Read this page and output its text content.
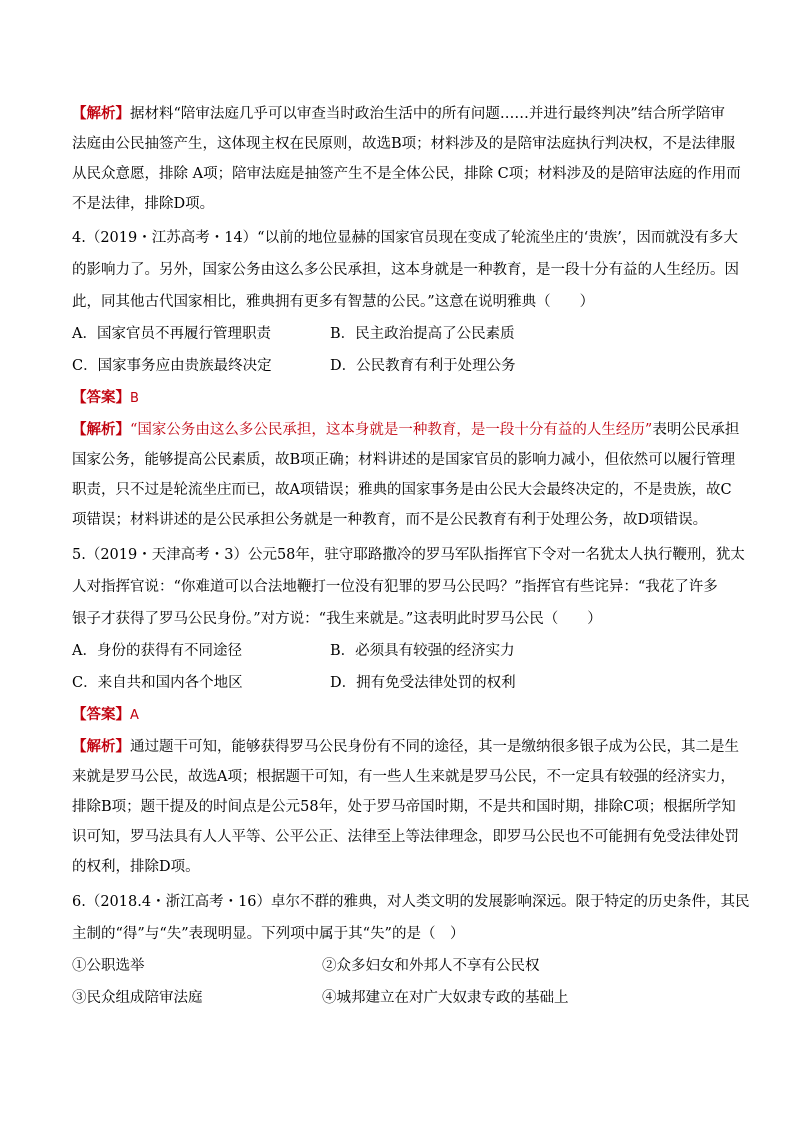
【解析】据材料“陪审法庭几乎可以审查当时政治生活中的所有问题……并进行最终判决”结合所学陪审
法庭由公民抽签产生，这体现主权在民原则，故选B项；材料涉及的是陪审法庭执行判决权，不是法律服
从民众意愿，排除 A项；陪审法庭是抽签产生不是全体公民，排除 C项；材料涉及的是陪审法庭的作用而
不是法律，排除D项。
4.（2019・江苏高考・14）“以前的地位显赫的国家官员现在变成了轮流坐庄的‘贵族’，因而就没有多大
的影响力了。另外，国家公务由这么多公民承担，这本身就是一种教育，是一段十分有益的人生经历。因
此，同其他古代国家相比，雅典拥有更多有智慧的公民。”这意在说明雅典（　　）
A．国家官员不再履行管理职责	B．民主政治提高了公民素质
C．国家事务应由贵族最终决定	D．公民教育有利于处理公务
【答案】B
【解析】“国家公务由这么多公民承担，这本身就是一种教育，是一段十分有益的人生经历”表明公民承担
国家公务，能够提高公民素质，故B项正确；材料讲述的是国家官员的影响力减小，但依然可以履行管理
职责，只不过是轮流坐庄而已，故A项错误；雅典的国家事务是由公民大会最终决定的，不是贵族，故C
项错误；材料讲述的是公民承担公务就是一种教育，而不是公民教育有利于处理公务，故D项错误。
5.（2019・天津高考・3）公元58年，驻守耶路撒冷的罗马军队指挥官下令对一名犹太人执行鞭刑，犹太
人对指挥官说：“你难道可以合法地鞭打一位没有犯罪的罗马公民吗？”指挥官有些诧异：“我花了许多
银子才获得了罗马公民身份。”对方说：“我生来就是。”这表明此时罗马公民（　　）
A．身份的获得有不同途径	B．必须具有较强的经济实力
C．来自共和国内各个地区	D．拥有免受法律处罚的权利
【答案】A
【解析】通过题干可知，能够获得罗马公民身份有不同的途径，其一是缴纳很多银子成为公民，其二是生
来就是罗马公民，故选A项；根据题干可知，有一些人生来就是罗马公民，不一定具有较强的经济实力，
排除B项；题干提及的时间点是公元58年，处于罗马帝国时期，不是共和国时期，排除C项；根据所学知
识可知，罗马法具有人人平等、公平公正、法律至上等法律理念，即罗马公民也不可能拥有免受法律处罚
的权利，排除D项。
6.（2018.4・浙江高考・16）卓尔不群的雅典，对人类文明的发展影响深远。限于特定的历史条件，其民
主制的“得”与“失”表现明显。下列项中属于其“失”的是（　）
①公职选举	②众多妇女和外邦人不享有公民权
③民众组成陪审法庭	④城邦建立在对广大奴隶专政的基础上
